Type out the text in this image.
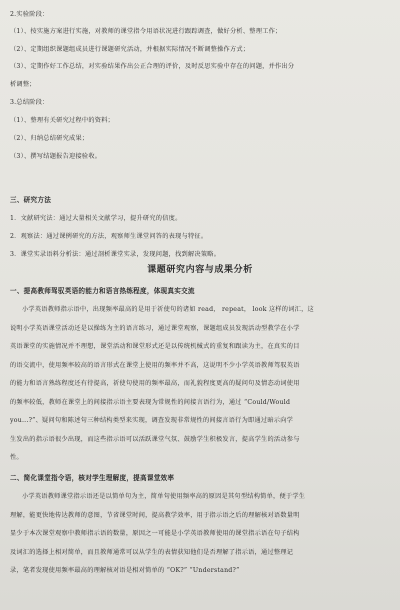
2.实验阶段：
（1）、按实施方案进行实施，对教师的课堂指令用语状况进行跟踪调查，做好分析、整理工作；
（2）、定期组织课题组成员进行课题研究活动，并根据实际情况不断调整操作方式；
（3）、定期作好工作总结，对实验结果作出公正合理的评价，及时反思实验中存在的问题，并作出分
析调整；
3.总结阶段：
（1）、整理有关研究过程中的资料；
（2）、归纳总结研究成果；
（3）、撰写结题报告迎接验收。
三、研究方法
1．文献研究法：通过大量相关文献学习，提升研究的信度。
2．观察法：通过课例研究的方法，观察师生课堂问答的表现与特征。
3．课堂实录语料分析法：通过剖析课堂实录，发现问题，找到解决策略。
课题研究内容与成果分析
一、提高教师驾驭英语的能力和语言热练程度，体现真实交流
小学英语教师指示语中，出现频率最高的是用于祈使句的诸如 read， repeat， look 这样的词汇，这
说明小学英语课堂活动还是以操练为主的语言练习，通过课堂观察，课题组成员发现活动型教学在小学
英语课堂的实施情况并不理想，课堂活动和课堂形式还是以传统机械式的重复和跟读为主，在真实的目
的语交流中，使用频率较高的语言形式在课堂上使用的频率并不高，这说明不少小学英语教师驾驭英语
的能力和语言熟练程度还有待提高，祈使句使用的频率最高，而礼貌程度更高的疑问句及情态动词使用
的频率较低，教师在课堂上的间接指示语主要表现为常规性的间接言语行为，通过 “Could/Would
you...?”、疑问句和陈述句三种结构类型来实现，调查发现非常规性的间接言语行为即通过暗示向学
生发出的指示语很少出现，而这些指示语可以活跃课堂气氛、鼓励学生积极发言，提高学生的活动参与
性。
二、简化课堂指令语，核对学生理解度，提高课堂效率
小学英语教师课堂指示语还是以简单句为主，简单句使用频率高的原因是其句型结构简单，便于学生
理解，能更快地传达教师的意图，节省课堂时间，提高教学效率，用于指示语之后的理解核对语数量明
显少于本次课堂观察中教师指示语的数量，原因之一可能是小学英语教师使用的课堂指示语在句子结构
及词汇的选择上相对简单，而且教师通常可以从学生的表情获知他们是否理解了指示语，通过整理记
录，笔者发现使用频率最高的理解核对语是相对简单的 “OK?” “Understand?”
